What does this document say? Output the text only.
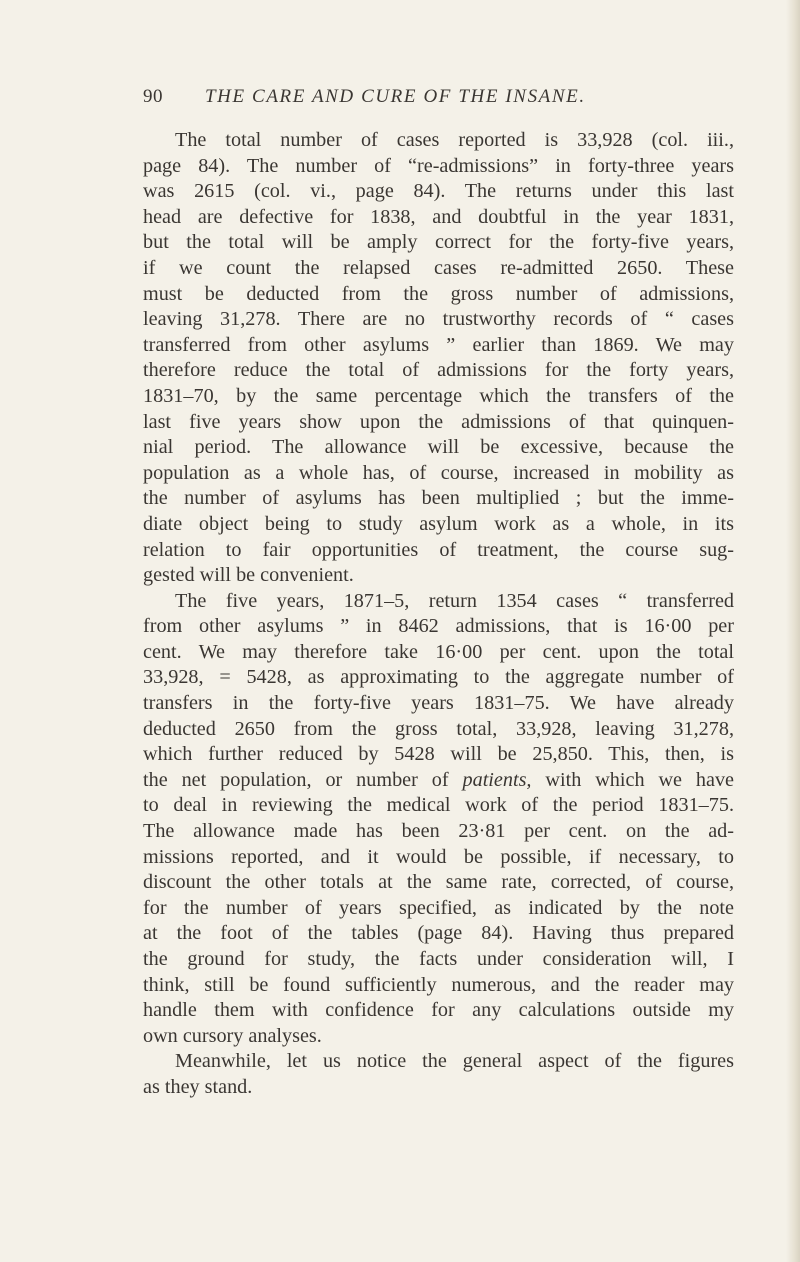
90 THE CARE AND CURE OF THE INSANE.
The total number of cases reported is 33,928 (col. iii.,
page 84). The number of “re-admissions” in forty-three years
was 2615 (col. vi., page 84). The returns under this last
head are defective for 1838, and doubtful in the year 1831,
but the total will be amply correct for the forty-five years,
if we count the relapsed cases re-admitted 2650. These
must be deducted from the gross number of admissions,
leaving 31,278. There are no trustworthy records of “ cases
transferred from other asylums ” earlier than 1869. We may
therefore reduce the total of admissions for the forty years,
1831–70, by the same percentage which the transfers of the
last five years show upon the admissions of that quinquen-
nial period. The allowance will be excessive, because the
population as a whole has, of course, increased in mobility as
the number of asylums has been multiplied ; but the imme-
diate object being to study asylum work as a whole, in its
relation to fair opportunities of treatment, the course sug-
gested will be convenient.
The five years, 1871–5, return 1354 cases “ transferred
from other asylums ” in 8462 admissions, that is 16·00 per
cent. We may therefore take 16·00 per cent. upon the total
33,928, = 5428, as approximating to the aggregate number of
transfers in the forty-five years 1831–75. We have already
deducted 2650 from the gross total, 33,928, leaving 31,278,
which further reduced by 5428 will be 25,850. This, then, is
the net population, or number of patients, with which we have
to deal in reviewing the medical work of the period 1831–75.
The allowance made has been 23·81 per cent. on the ad-
missions reported, and it would be possible, if necessary, to
discount the other totals at the same rate, corrected, of course,
for the number of years specified, as indicated by the note
at the foot of the tables (page 84). Having thus prepared
the ground for study, the facts under consideration will, I
think, still be found sufficiently numerous, and the reader may
handle them with confidence for any calculations outside my
own cursory analyses.
Meanwhile, let us notice the general aspect of the figures
as they stand.
